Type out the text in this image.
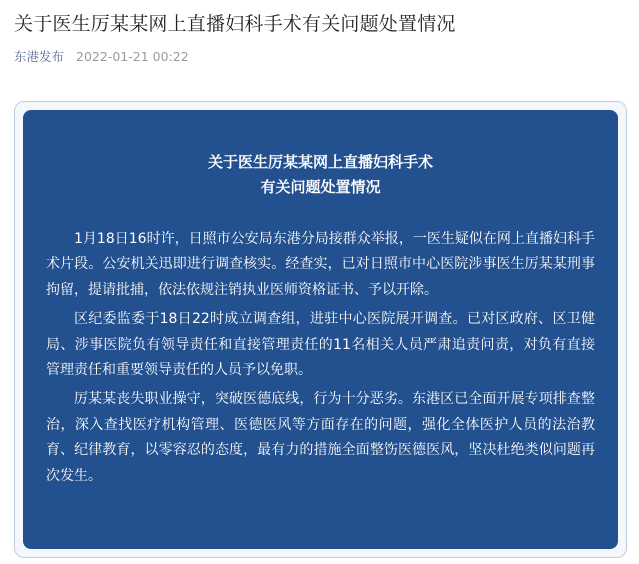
关于医生厉某某网上直播妇科手术有关问题处置情况
东港发布 2022-01-21 00:22
关于医生厉某某网上直播妇科手术
有关问题处置情况

1月18日16时许，日照市公安局东港分局接群众举报，一医生疑似在网上直播妇科手术片段。公安机关迅即进行调查核实。经查实，已对日照市中心医院涉事医生厉某某刑事拘留，提请批捕，依法依规注销执业医师资格证书、予以开除。

区纪委监委于18日22时成立调查组，进驻中心医院展开调查。已对区政府、区卫健局、涉事医院负有领导责任和直接管理责任的11名相关人员严肃追责问责，对负有直接管理责任和重要领导责任的人员予以免职。

厉某某丧失职业操守，突破医德底线，行为十分恶劣。东港区已全面开展专项排查整治，深入查找医疗机构管理、医德医风等方面存在的问题，强化全体医护人员的法治教育、纪律教育，以零容忍的态度，最有力的措施全面整饬医德医风，坚决杜绝类似问题再次发生。
